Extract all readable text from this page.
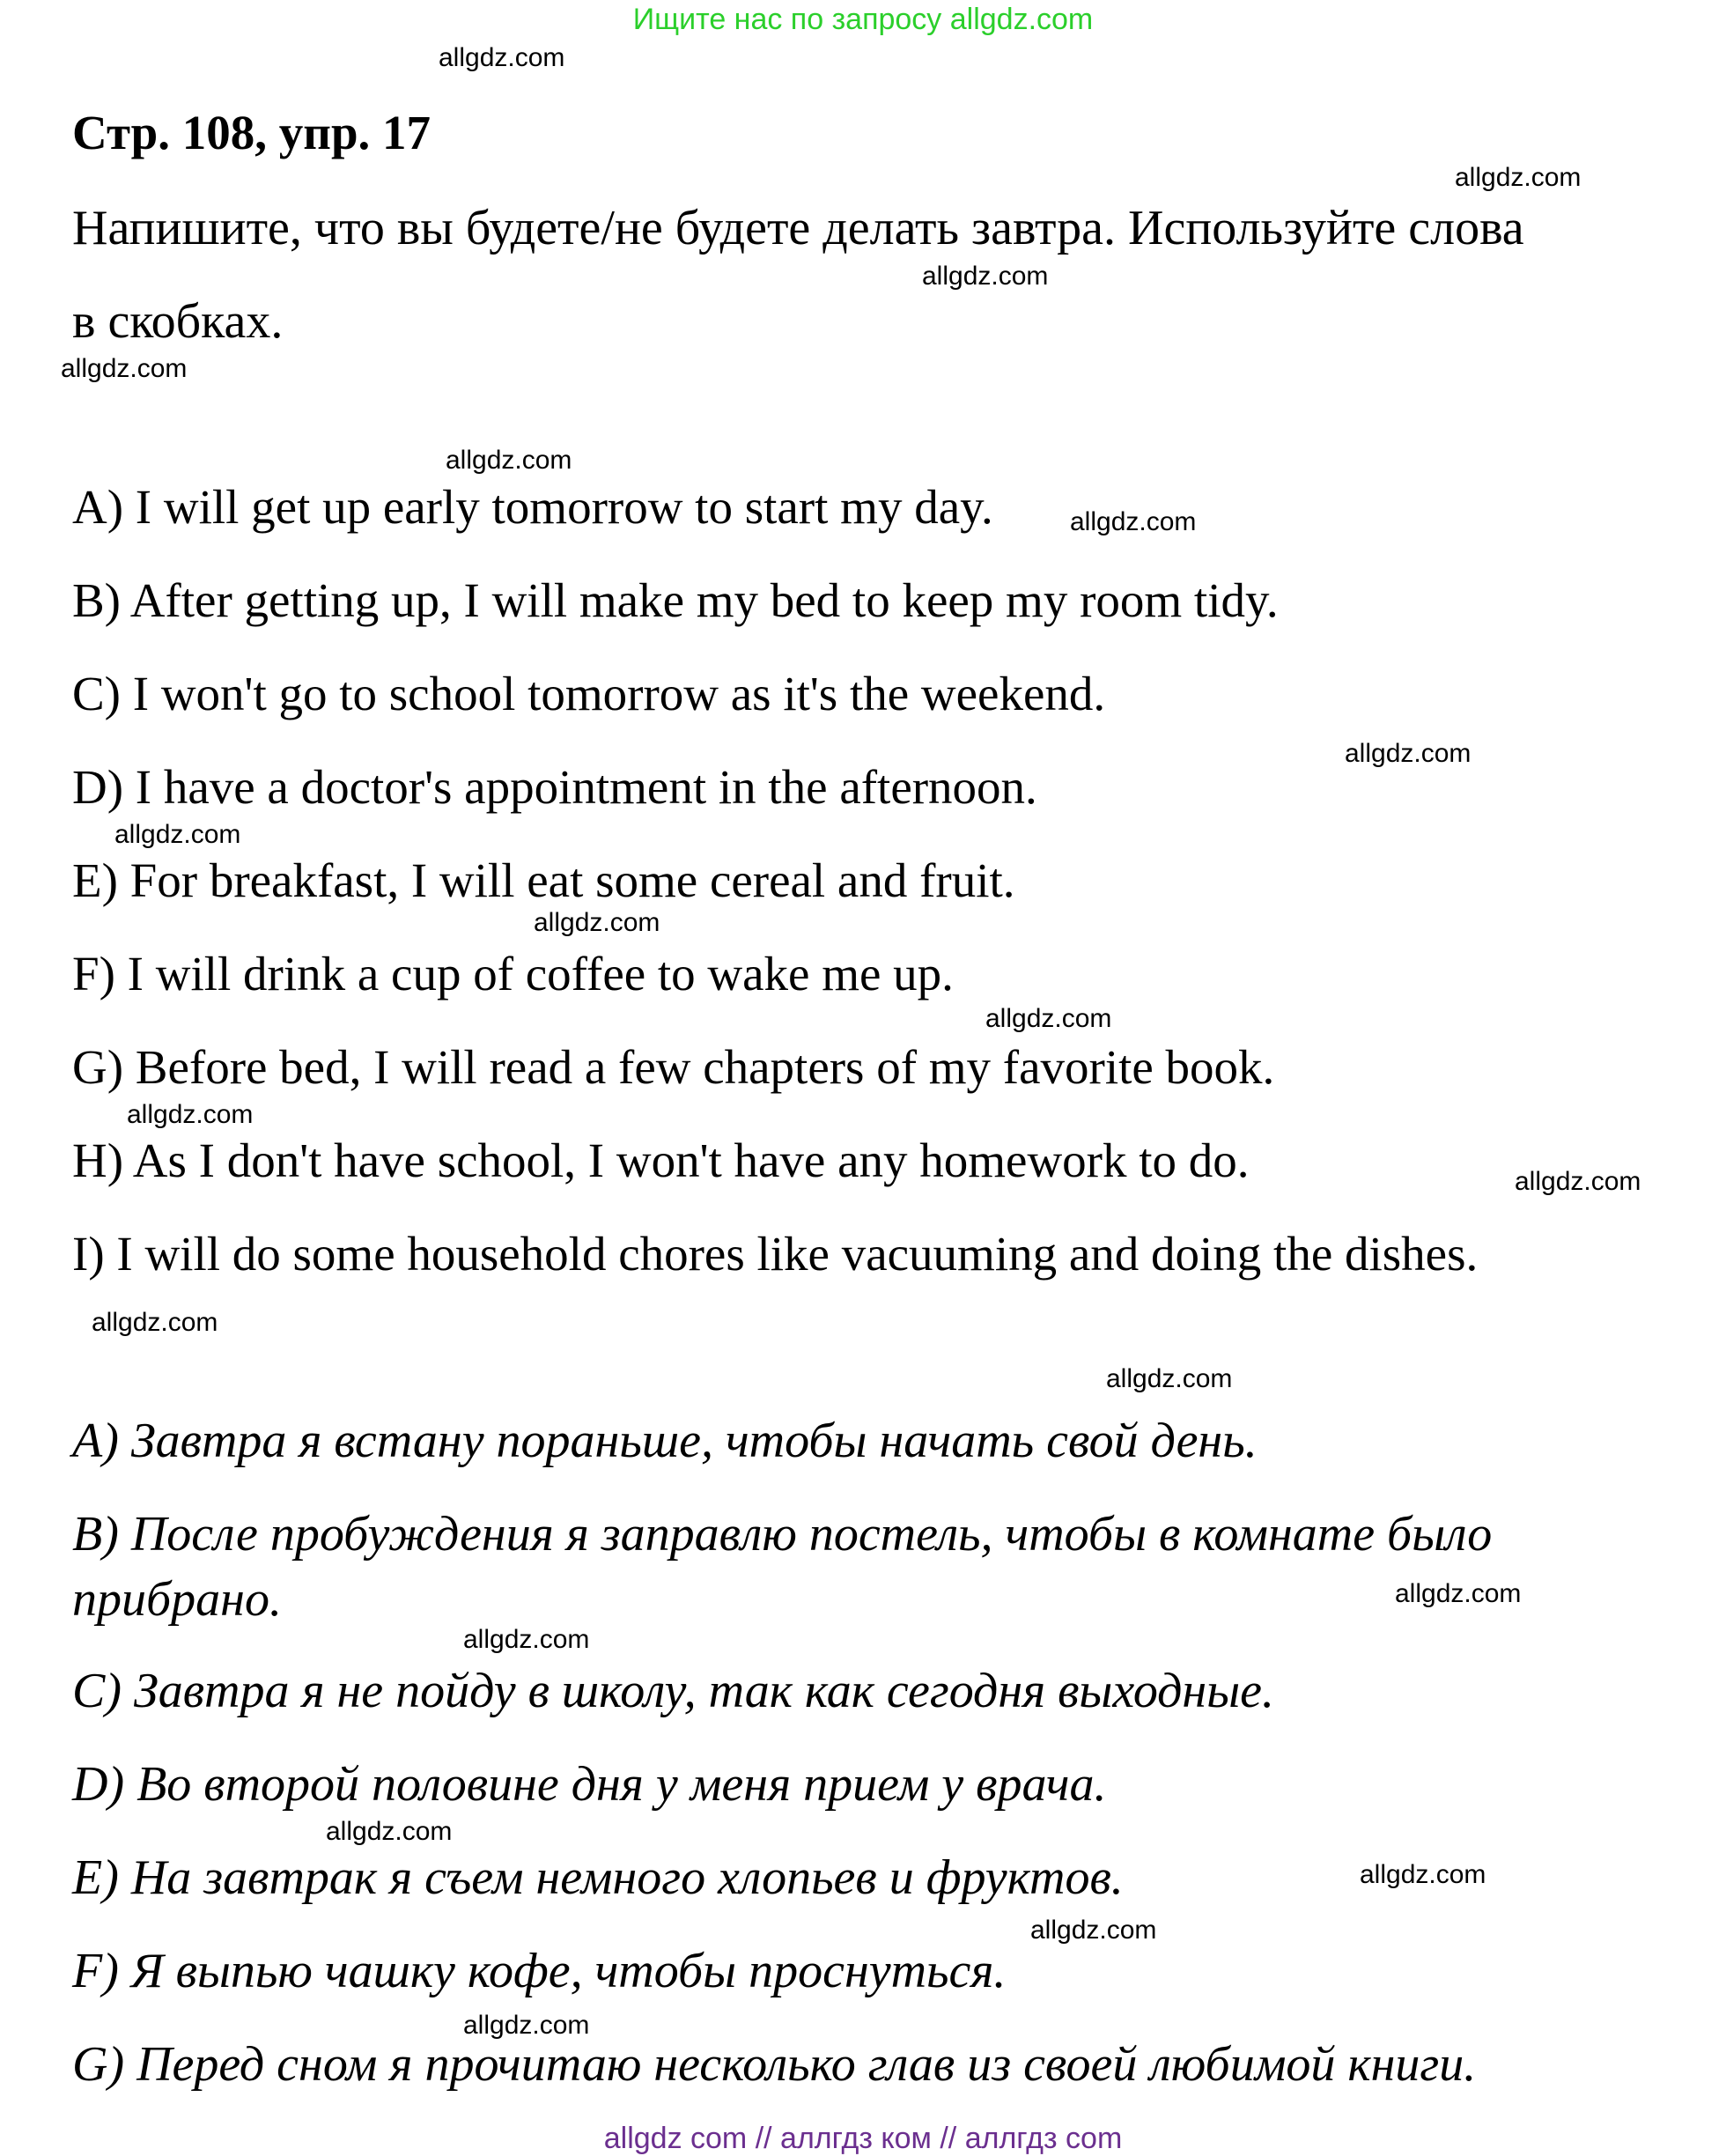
Ищите нас по запросу allgdz.com
Стр. 108, упр. 17
Напишите, что вы будете/не будете делать завтра. Используйте слова
в скобках.
A) I will get up early tomorrow to start my day.
B) After getting up, I will make my bed to keep my room tidy.
C) I won't go to school tomorrow as it's the weekend.
D) I have a doctor's appointment in the afternoon.
E) For breakfast, I will eat some cereal and fruit.
F) I will drink a cup of coffee to wake me up.
G) Before bed, I will read a few chapters of my favorite book.
H) As I don't have school, I won't have any homework to do.
I) I will do some household chores like vacuuming and doing the dishes.
A) Завтра я встану пораньше, чтобы начать свой день.
B) После пробуждения я заправлю постель, чтобы в комнате было
прибрано.
C) Завтра я не пойду в школу, так как сегодня выходные.
D) Во второй половине дня у меня прием у врача.
E) На завтрак я съем немного хлопьев и фруктов.
F) Я выпью чашку кофе, чтобы проснуться.
G) Перед сном я прочитаю несколько глав из своей любимой книги.
allgdz.com
allgdz.com
allgdz.com
allgdz.com
allgdz.com
allgdz.com
allgdz.com
allgdz.com
allgdz.com
allgdz.com
allgdz.com
allgdz.com
allgdz.com
allgdz.com
allgdz.com
allgdz.com
allgdz.com
allgdz.com
allgdz.com
allgdz.com
allgdz com // аллгдз ком // аллгдз com
